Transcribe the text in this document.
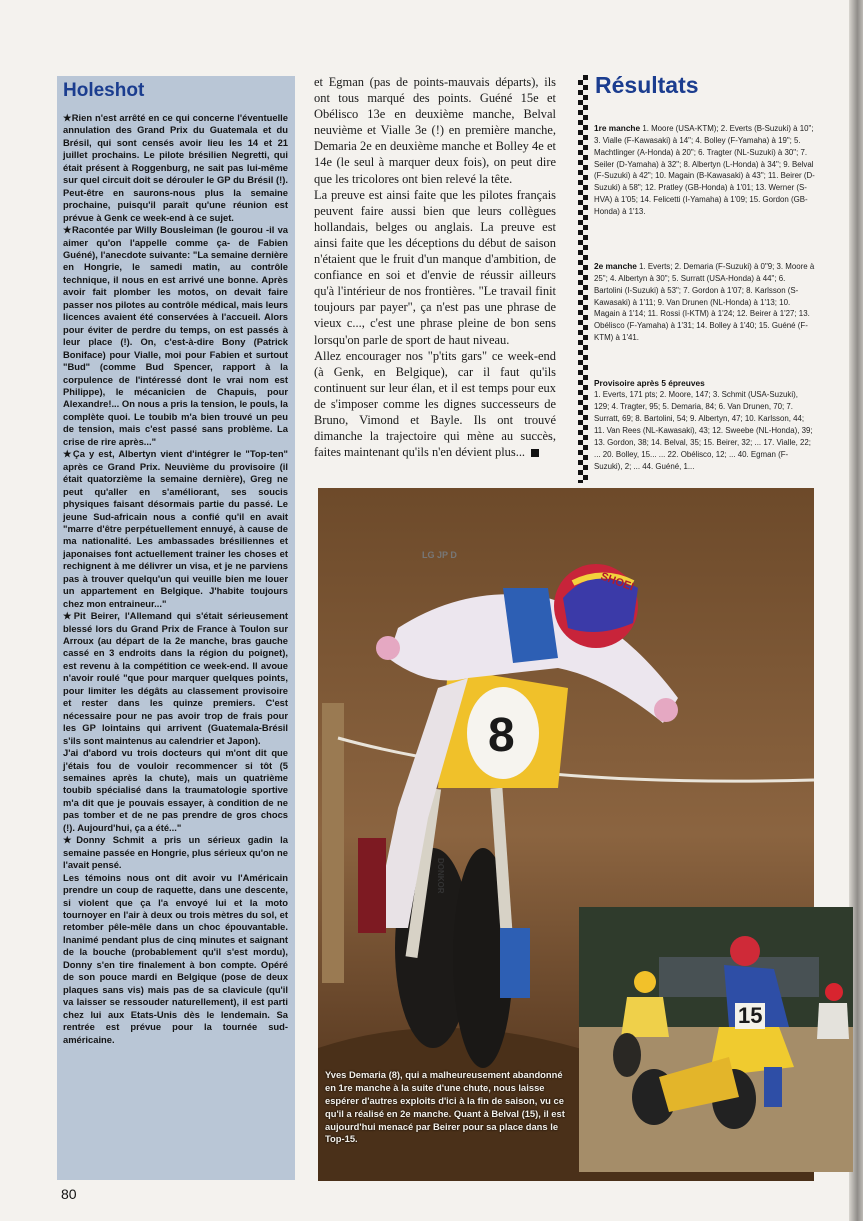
Holeshot

★Rien n'est arrêté en ce qui concerne l'éventuelle annulation des Grand Prix du Guatemala et du Brésil, qui sont censés avoir lieu les 14 et 21 juillet prochains. Le pilote brésilien Negretti, qui était présent à Roggenburg, ne sait pas lui-même sur quel circuit doit se dérouler le GP du Brésil (!). Peut-être en saurons-nous plus la semaine prochaine, puisqu'il paraît qu'une réunion est prévue à Genk ce week-end à ce sujet.

★Racontée par Willy Bousleiman (le gourou -il va aimer qu'on l'appelle comme ça- de Fabien Guéné), l'anecdote suivante: "La semaine dernière en Hongrie, le samedi matin, au contrôle technique, il nous en est arrivé une bonne. Après avoir fait plomber les motos, on devait faire passer nos pilotes au contrôle médical, mais leurs licences avaient été conservées à l'accueil. Alors pour éviter de perdre du temps, on est passés à leur place (!). On, c'est-à-dire Bony (Patrick Boniface) pour Vialle, moi pour Fabien et surtout "Bud" (comme Bud Spencer, rapport à la corpulence de l'intéressé dont le vrai nom est Philippe), le mécanicien de Chapuis, pour Alexandre!... On nous a pris la tension, le pouls, la complète quoi. Le toubib m'a bien trouvé un peu de tension, mais c'est passé sans problème. La crise de rire après..."

★Ça y est, Albertyn vient d'intégrer le "Top-ten" après ce Grand Prix. Neuvième du provisoire (il était quatorzième la semaine dernière), Greg ne peut qu'aller en s'améliorant, ses soucis physiques faisant désormais partie du passé. Le jeune Sud-africain nous a confié qu'il en avait "marre d'être perpétuellement ennuyé, à cause de ma nationalité. Les ambassades brésiliennes et japonaises font actuellement trainer les choses et rechignent à me délivrer un visa, et je ne parviens pas à trouver quelqu'un qui veuille bien me louer un appartement en Belgique. J'habite toujours chez mon entraineur..."

★Pit Beirer, l'Allemand qui s'était sérieusement blessé lors du Grand Prix de France à Toulon sur Arroux (au départ de la 2e manche, bras gauche cassé en 3 endroits dans la région du poignet), est revenu à la compétition ce week-end. Il avoue n'avoir roulé "que pour marquer quelques points, pour limiter les dégâts au classement provisoire et rester dans les quinze premiers. C'est nécessaire pour ne pas avoir trop de frais pour les GP lointains qui arrivent (Guatemala-Brésil s'ils sont maintenus au calendrier et Japon).

J'ai d'abord vu trois docteurs qui m'ont dit que j'étais fou de vouloir recommencer si tôt (5 semaines après la chute), mais un quatrième toubib spécialisé dans la traumatologie sportive m'a dit que je pouvais essayer, à condition de ne pas tomber et de ne pas prendre de gros chocs (!). Aujourd'hui, ça a été..."

★Donny Schmit a pris un sérieux gadin la semaine passée en Hongrie, plus sérieux qu'on ne l'avait pensé.

Les témoins nous ont dit avoir vu l'Américain prendre un coup de raquette, dans une descente, si violent que ça l'a envoyé lui et la moto tournoyer en l'air à deux ou trois mètres du sol, et retomber pêle-mêle dans un choc épouvantable. Inanimé pendant plus de cinq minutes et saignant de la bouche (probablement qu'il s'est mordu), Donny s'en tire finalement à bon compte. Opéré de son pouce mardi en Belgique (pose de deux plaques sans vis) mais pas de sa clavicule (qu'il va laisser se ressouder naturellement), il est parti chez lui aux Etats-Unis dès le lendemain. Sa rentrée est prévue pour la tournée sud-américaine.

et Egman (pas de points-mauvais départs), ils ont tous marqué des points. Guéné 15e et Obélisco 13e en deuxième manche, Belval neuvième et Vialle 3e (!) en première manche, Demaria 2e en deuxième manche et Bolley 4e et 14e (le seul à marquer deux fois), on peut dire que les tricolores ont bien relevé la tête.

La preuve est ainsi faite que les pilotes français peuvent faire aussi bien que leurs collègues hollandais, belges ou anglais. La preuve est ainsi faite que les déceptions du début de saison n'étaient que le fruit d'un manque d'ambition, de confiance en soi et d'envie de réussir ailleurs qu'à l'intérieur de nos frontières. "Le travail finit toujours par payer", ça n'est pas une phrase de vieux c..., c'est une phrase pleine de bon sens lorsqu'on parle de sport de haut niveau.

Allez encourager nos "p'tits gars" ce week-end (à Genk, en Belgique), car il faut qu'ils continuent sur leur élan, et il est temps pour eux de s'imposer comme les dignes successeurs de Bruno, Vimond et Bayle. Ils ont trouvé dimanche la trajectoire qui mène au succès, faites maintenant qu'ils n'en dévient plus...

Résultats
1re manche 1. Moore (USA-KTM); 2. Everts (B-Suzuki) à 10"; 3. Vialle (F-Kawasaki) à 14"; 4. Bolley (F-Yamaha) à 19"; 5. Machtlinger (A-Honda) à 20"; 6. Tragter (NL-Suzuki) à 30"; 7. Seiler (D-Yamaha) à 32"; 8. Albertyn (L-Honda) à 34"; 9. Belval (F-Suzuki) à 42"; 10. Magain (B-Kawasaki) à 43"; 11. Beirer (D-Suzuki) à 58"; 12. Pratley (GB-Honda) à 1'01; 13. Werner (S-HVA) à 1'05; 14. Felicetti (I-Yamaha) à 1'09; 15. Gordon (GB-Honda) à 1'13.
2e manche 1. Everts; 2. Demaria (F-Suzuki) à 0"9; 3. Moore à 25"; 4. Albertyn à 30"; 5. Surratt (USA-Honda) à 44"; 6. Bartolini (I-Suzuki) à 53"; 7. Gordon à 1'07; 8. Karlsson (S-Kawasaki) à 1'11; 9. Van Drunen (NL-Honda) à 1'13; 10. Magain à 1'14; 11. Rossi (I-KTM) à 1'24; 12. Beirer à 1'27; 13. Obélisco (F-Yamaha) à 1'31; 14. Bolley à 1'40; 15. Guéné (F-KTM) à 1'41.
Provisoire après 5 épreuves
1. Everts, 171 pts; 2. Moore, 147; 3. Schmit (USA-Suzuki), 129; 4. Tragter, 95; 5. Demaria, 84; 6. Van Drunen, 70; 7. Surratt, 69; 8. Bartolini, 54; 9. Albertyn, 47; 10. Karlsson, 44; 11. Van Rees (NL-Kawasaki), 43; 12. Sweebe (NL-Honda), 39; 13. Gordon, 38; 14. Belval, 35; 15. Beirer, 32; ... 17. Vialle, 22; ... 20. Bolley, 15... ... 22. Obélisco, 12; ... 40. Egman (F-Suzuki), 2; ... 44. Guéné, 1...
8
SHOEI
DONKOR
LG JP D
15
Yves Demaria (8), qui a malheureusement abandonné en 1re manche à la suite d'une chute, nous laisse espérer d'autres exploits d'ici à la fin de saison, vu ce qu'il a réalisé en 2e manche. Quant à Belval (15), il est aujourd'hui menacé par Beirer pour sa place dans le Top-15.
80
